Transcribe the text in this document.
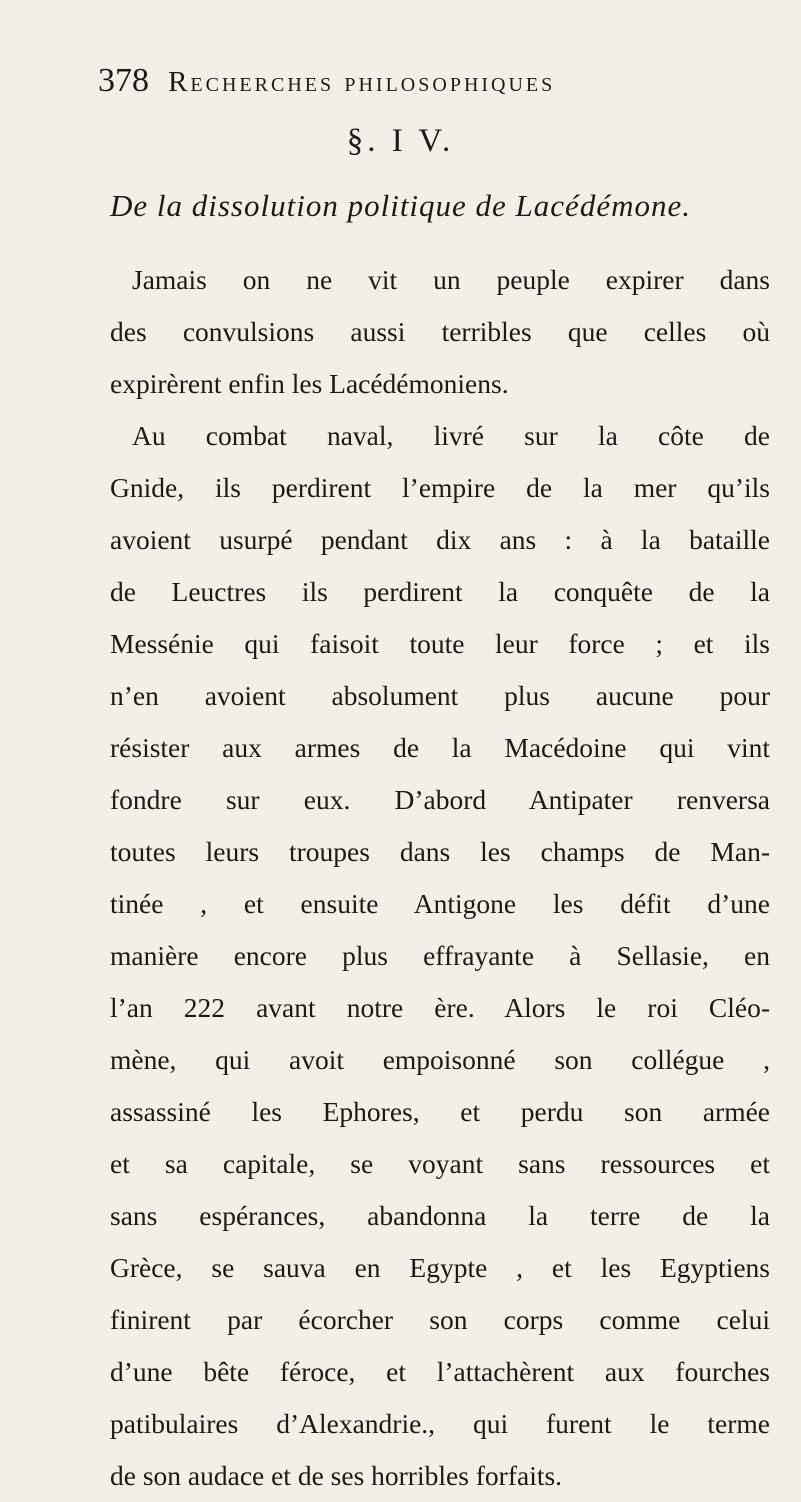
378 Recherches philosophiques
§. I V.
De la dissolution politique de Lacédémone.
Jamais on ne vit un peuple expirer dans
des convulsions aussi terribles que celles où
expirèrent enfin les Lacédémoniens.
Au combat naval, livré sur la côte de
Gnide, ils perdirent l’empire de la mer qu’ils
avoient usurpé pendant dix ans : à la bataille
de Leuctres ils perdirent la conquête de la
Messénie qui faisoit toute leur force ; et ils
n’en avoient absolument plus aucune pour
résister aux armes de la Macédoine qui vint
fondre sur eux. D’abord Antipater renversa
toutes leurs troupes dans les champs de Man-
tinée , et ensuite Antigone les défit d’une
manière encore plus effrayante à Sellasie, en
l’an 222 avant notre ère. Alors le roi Cléo-
mène, qui avoit empoisonné son collégue ,
assassiné les Ephores, et perdu son armée
et sa capitale, se voyant sans ressources et
sans espérances, abandonna la terre de la
Grèce, se sauva en Egypte , et les Egyptiens
finirent par écorcher son corps comme celui
d’une bête féroce, et l’attachèrent aux fourches
patibulaires d’Alexandrie., qui furent le terme
de son audace et de ses horribles forfaits.
